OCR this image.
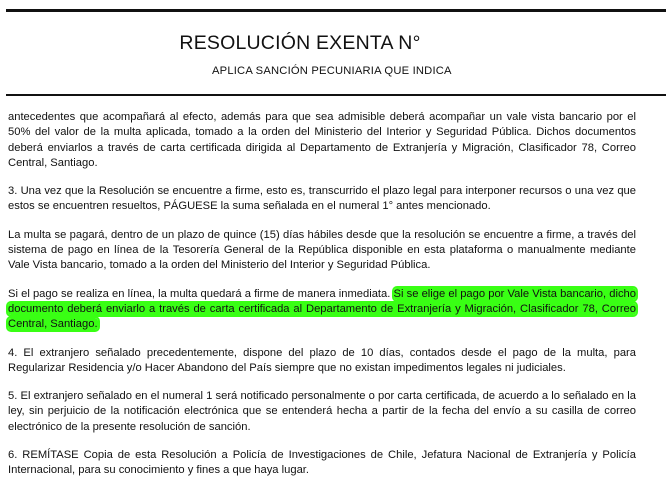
RESOLUCIÓN EXENTA N°
APLICA SANCIÓN PECUNIARIA QUE INDICA

antecedentes que acompañará al efecto, además para que sea admisible deberá acompañar un vale vista bancario por el 50% del valor de la multa aplicada, tomado a la orden del Ministerio del Interior y Seguridad Pública. Dichos documentos deberá enviarlos a través de carta certificada dirigida al Departamento de Extranjería y Migración, Clasificador 78, Correo Central, Santiago.

3. Una vez que la Resolución se encuentre a firme, esto es, transcurrido el plazo legal para interponer recursos o una vez que estos se encuentren resueltos, PÁGUESE la suma señalada en el numeral 1° antes mencionado.

La multa se pagará, dentro de un plazo de quince (15) días hábiles desde que la resolución se encuentre a firme, a través del sistema de pago en línea de la Tesorería General de la República disponible en esta plataforma o manualmente mediante Vale Vista bancario, tomado a la orden del Ministerio del Interior y Seguridad Pública.

Si el pago se realiza en línea, la multa quedará a firme de manera inmediata. Si se elige el pago por Vale Vista bancario, dicho documento deberá enviarlo a través de carta certificada al Departamento de Extranjería y Migración, Clasificador 78, Correo Central, Santiago.

4. El extranjero señalado precedentemente, dispone del plazo de 10 días, contados desde el pago de la multa, para Regularizar Residencia y/o Hacer Abandono del País siempre que no existan impedimentos legales ni judiciales.

5. El extranjero señalado en el numeral 1 será notificado personalmente o por carta certificada, de acuerdo a lo señalado en la ley, sin perjuicio de la notificación electrónica que se entenderá hecha a partir de la fecha del envío a su casilla de correo electrónico de la presente resolución de sanción.

6. REMÍTASE Copia de esta Resolución a Policía de Investigaciones de Chile, Jefatura Nacional de Extranjería y Policía Internacional, para su conocimiento y fines a que haya lugar.
